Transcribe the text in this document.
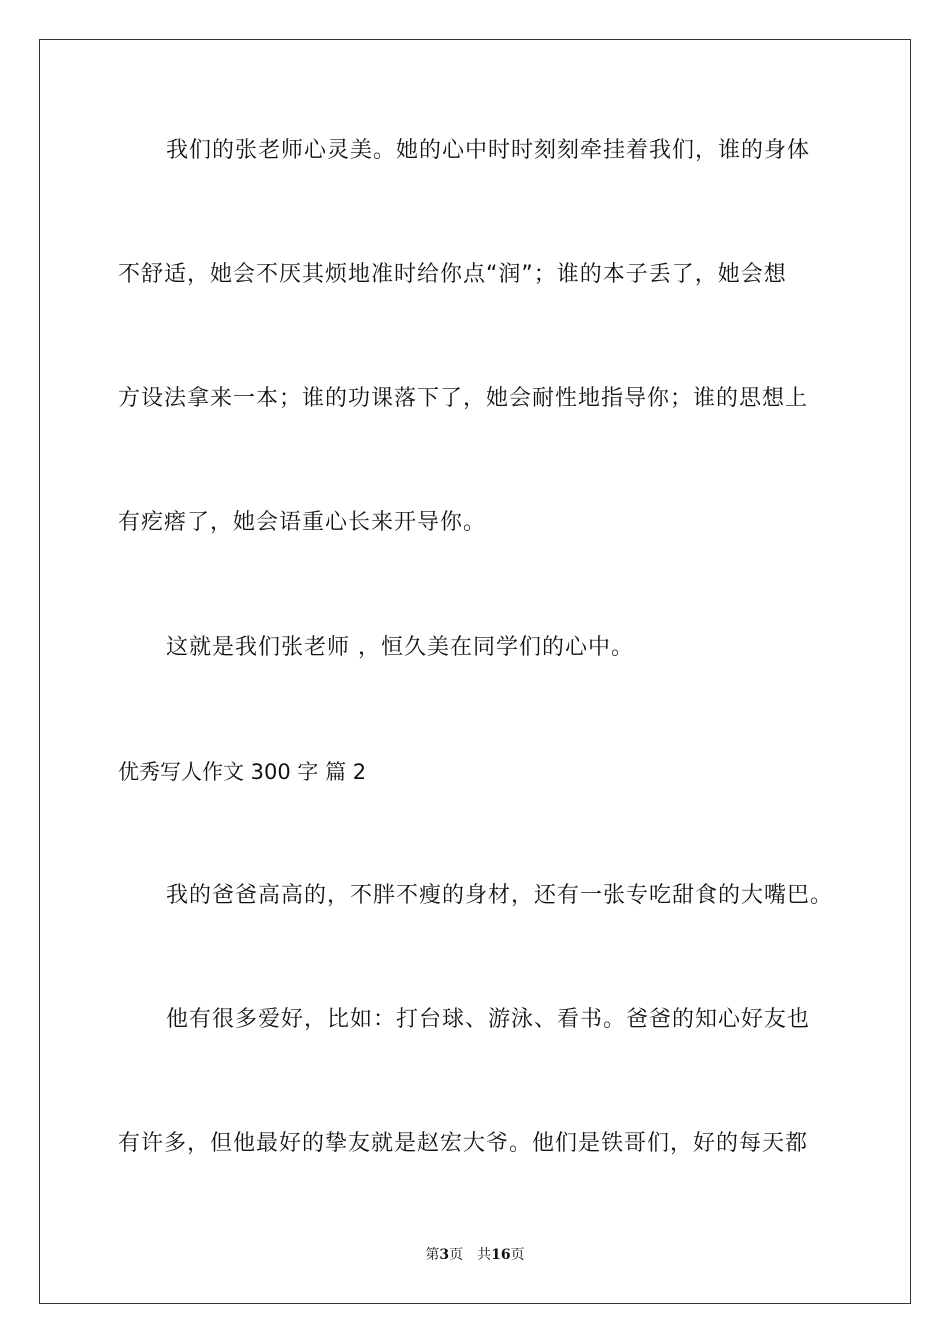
我们的张老师心灵美。她的心中时时刻刻牵挂着我们，谁的身体
不舒适，她会不厌其烦地准时给你点“润”；谁的本子丢了，她会想
方设法拿来一本；谁的功课落下了，她会耐性地指导你；谁的思想上
有疙瘩了，她会语重心长来开导你。
这就是我们张老师 ，恒久美在同学们的心中。
优秀写人作文 300 字 篇 2
我的爸爸高高的，不胖不瘦的身材，还有一张专吃甜食的大嘴巴。
他有很多爱好，比如：打台球、游泳、看书。爸爸的知心好友也
有许多，但他最好的挚友就是赵宏大爷。他们是铁哥们，好的每天都
第3页 共16页
